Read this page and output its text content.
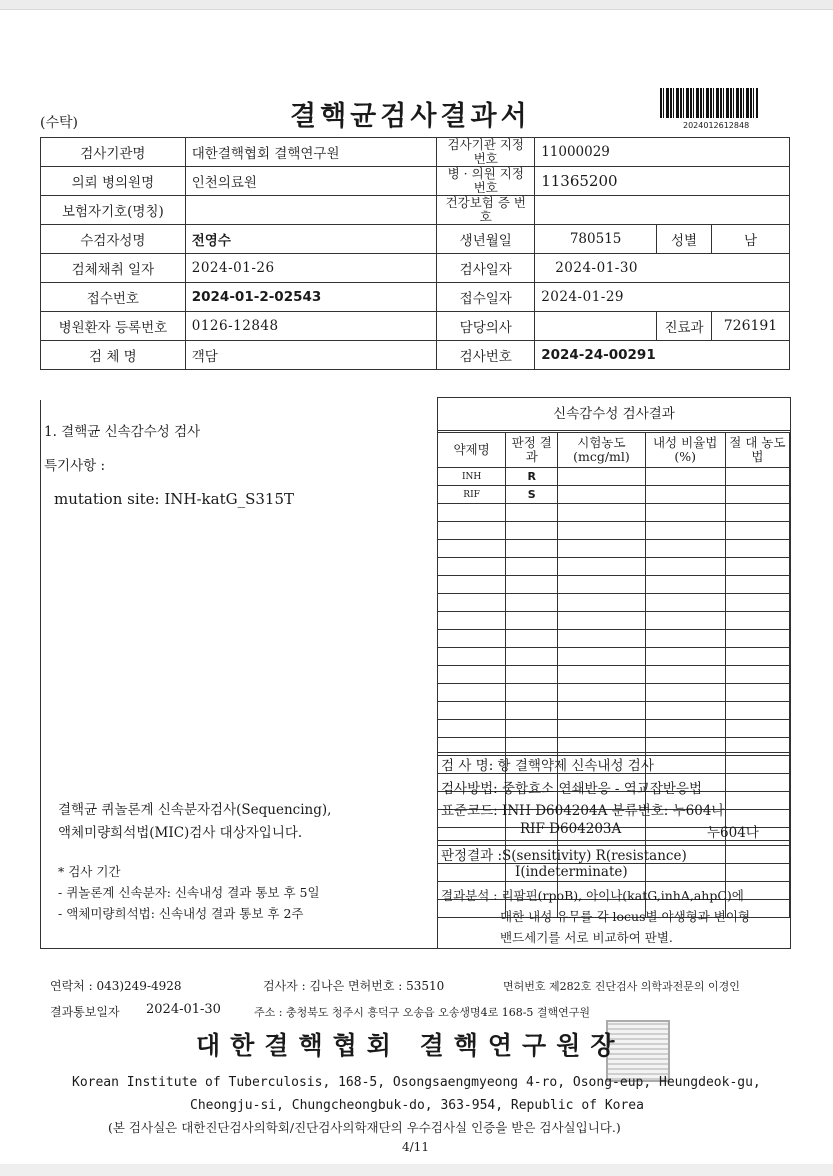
(수탁)	결핵균검사결과서	2024012612848
검사기관명	대한결핵협회 결핵연구원	검사기관 지정번호	11000029		
의뢰 병의원명	인천의료원	병 · 의원 지정번호	11365200		
보험자기호(명칭)		건강보험 증 번 호			
수검자성명	전영수	생년월일	780515	성별	남
검체채취 일자	2024-01-26	검사일자	2024-01-30		
접수번호	2024-01-2-02543	접수일자	2024-01-29		
병원환자 등록번호	0126-12848	담당의사		진료과	726191
검 체 명	객담	검사번호	2024-24-00291		
1. 결핵균 신속감수성 검사
특기사항 :
mutation site: INH-katG_S315T
결핵균 퀴놀론계 신속분자검사(Sequencing),
액체미량희석법(MIC)검사 대상자입니다.
* 검사 기간
- 퀴놀론계 신속분자: 신속내성 결과 통보 후 5일
- 액체미량희석법: 신속내성 결과 통보 후 2주
신속감수성 검사결과
약제명	판정 결과	시험농도 (mcg/ml)	내성 비율법(%)	절 대 농도법
INH	R			
RIF	S			

검 사 명: 항 결핵약제 신속내성 검사
검사방법: 중합효소 연쇄반응 - 역교잡반응법
표준코드: INH D604204A 분류번호: 누604나
RIF D604203A	누604나
판정결과 :S(sensitivity) R(resistance)
I(indeterminate)
결과분석 : 리팜핀(rpoB), 아이나(katG,inhA,ahpC)에
대한 내성 유무를 각 locus별 야생형과 변이형
밴드세기를 서로 비교하여 판별.
연락처 : 043)249-4928	검사자 : 김나은 면허번호 : 53510	면허번호 제282호 진단검사 의학과전문의 이경인
결과통보일자 2024-01-30	주소 : 충청북도 청주시 흥덕구 오송읍 오송생명4로 168-5 결핵연구원
대한결핵협회 결핵연구원장
Korean Institute of Tuberculosis, 168-5, Osongsaengmyeong 4-ro, Osong-eup, Heungdeok-gu,
Cheongju-si, Chungcheongbuk-do, 363-954, Republic of Korea
(본 검사실은 대한진단검사의학회/진단검사의학재단의 우수검사실 인증을 받은 검사실입니다.)
4/11
